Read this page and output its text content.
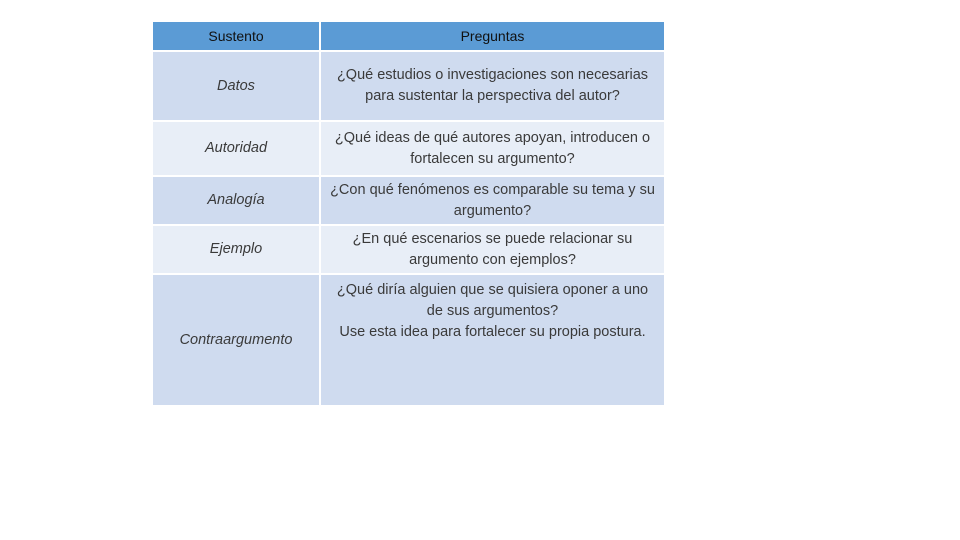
Sustento	Preguntas
Datos	¿Qué estudios o investigaciones son necesarias para sustentar la perspectiva del autor?
Autoridad	¿Qué ideas de qué autores apoyan, introducen o fortalecen su argumento?
Analogía	¿Con qué fenómenos es comparable su tema y su argumento?
Ejemplo	¿En qué escenarios se puede relacionar su argumento con ejemplos?
Contraargumento	¿Qué diría alguien que se quisiera oponer a uno de sus argumentos?
Use esta idea para fortalecer su propia postura.
